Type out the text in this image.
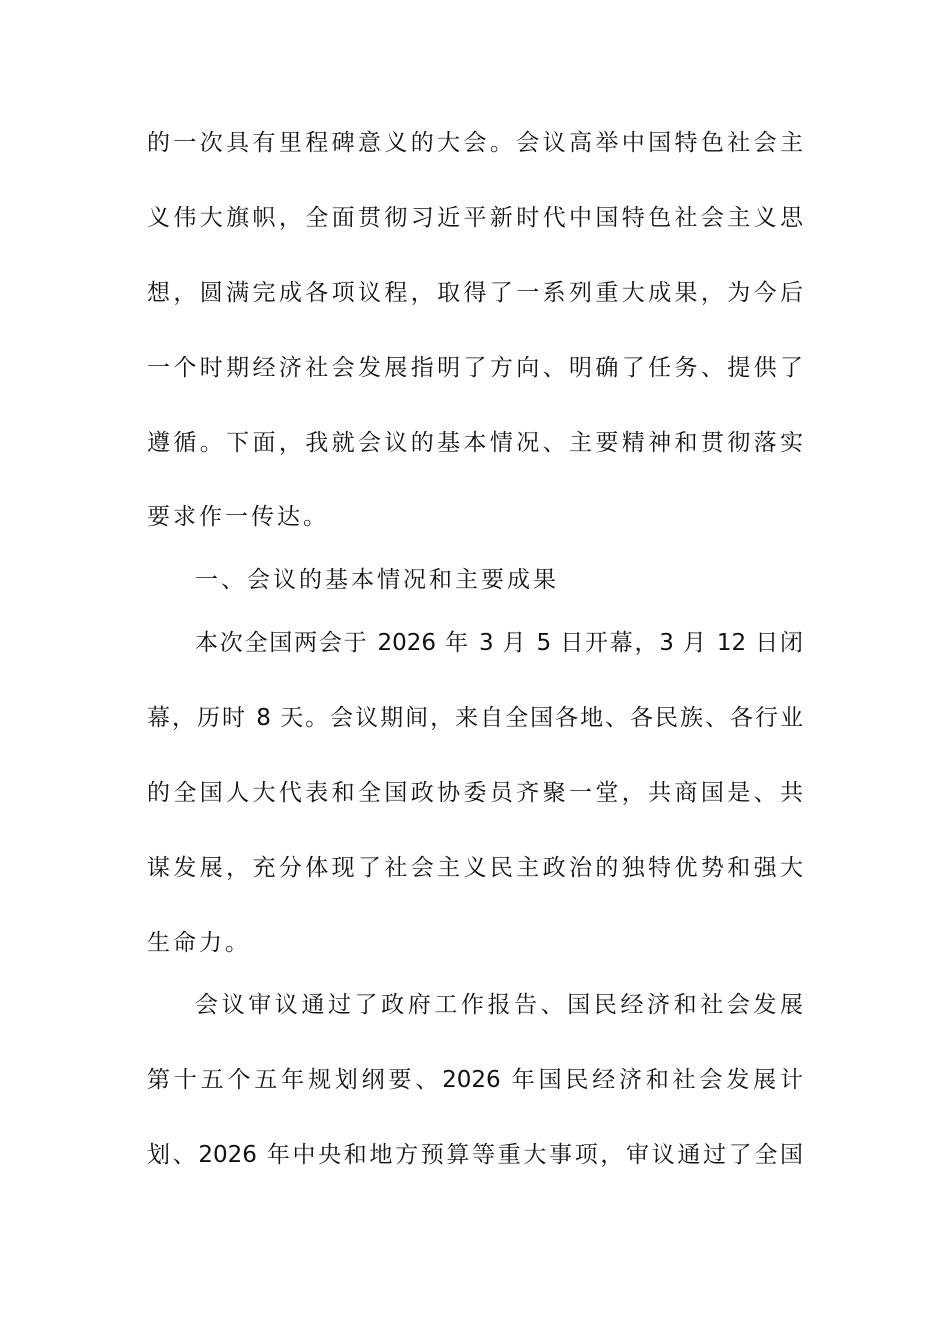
的一次具有里程碑意义的大会。会议高举中国特色社会主
义伟大旗帜，全面贯彻习近平新时代中国特色社会主义思
想，圆满完成各项议程，取得了一系列重大成果，为今后
一个时期经济社会发展指明了方向、明确了任务、提供了
遵循。下面，我就会议的基本情况、主要精神和贯彻落实
要求作一传达。
一、会议的基本情况和主要成果
本次全国两会于 2026 年 3 月 5 日开幕，3 月 12 日闭
幕，历时 8 天。会议期间，来自全国各地、各民族、各行业
的全国人大代表和全国政协委员齐聚一堂，共商国是、共
谋发展，充分体现了社会主义民主政治的独特优势和强大
生命力。
会议审议通过了政府工作报告、国民经济和社会发展
第十五个五年规划纲要、2026 年国民经济和社会发展计
划、2026 年中央和地方预算等重大事项，审议通过了全国
